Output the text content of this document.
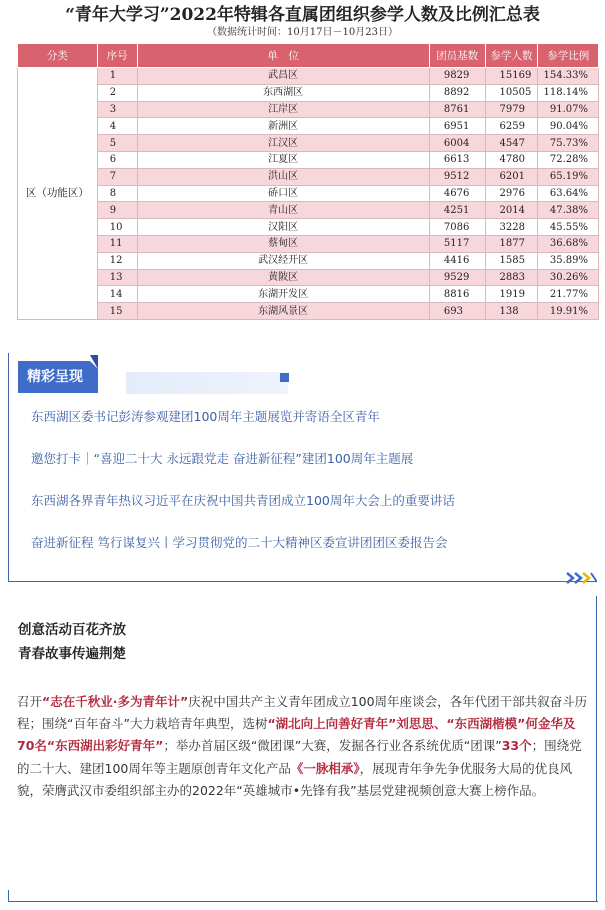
“青年大学习”2022年特辑各直属团组织参学人数及比例汇总表
（数据统计时间：10月17日－10月23日）
分类	序号	单　位	团员基数	参学人数	参学比例
区（功能区）	1	武昌区	9829	15169	154.33%
	2	东西湖区	8892	10505	118.14%
	3	江岸区	8761	7979	91.07%
	4	新洲区	6951	6259	90.04%
	5	江汉区	6004	4547	75.73%
	6	江夏区	6613	4780	72.28%
	7	洪山区	9512	6201	65.19%
	8	硚口区	4676	2976	63.64%
	9	青山区	4251	2014	47.38%
	10	汉阳区	7086	3228	45.55%
	11	蔡甸区	5117	1877	36.68%
	12	武汉经开区	4416	1585	35.89%
	13	黄陂区	9529	2883	30.26%
	14	东湖开发区	8816	1919	21.77%
	15	东湖风景区	693	138	19.91%
精彩呈现
东西湖区委书记彭涛参观建团100周年主题展览并寄语全区青年
邀您打卡｜“喜迎二十大 永远跟党走 奋进新征程”建团100周年主题展
东西湖各界青年热议习近平在庆祝中国共青团成立100周年大会上的重要讲话
奋进新征程 笃行谋复兴丨学习贯彻党的二十大精神区委宣讲团团区委报告会
创意活动百花齐放
青春故事传遍荆楚
召开“志在千秋业·多为青年计”庆祝中国共产主义青年团成立100周年座谈会，各年代团干部共叙奋斗历程；围绕“百年奋斗”大力栽培青年典型，选树“湖北向上向善好青年”刘思思、“东西湖楷模”何金华及70名“东西湖出彩好青年”；举办首届区级“微团课”大赛，发掘各行业各系统优质“团课”33个；围绕党的二十大、建团100周年等主题原创青年文化产品《一脉相承》，展现青年争先争优服务大局的优良风貌，荣膺武汉市委组织部主办的2022年“英雄城市•先锋有我”基层党建视频创意大赛上榜作品。
